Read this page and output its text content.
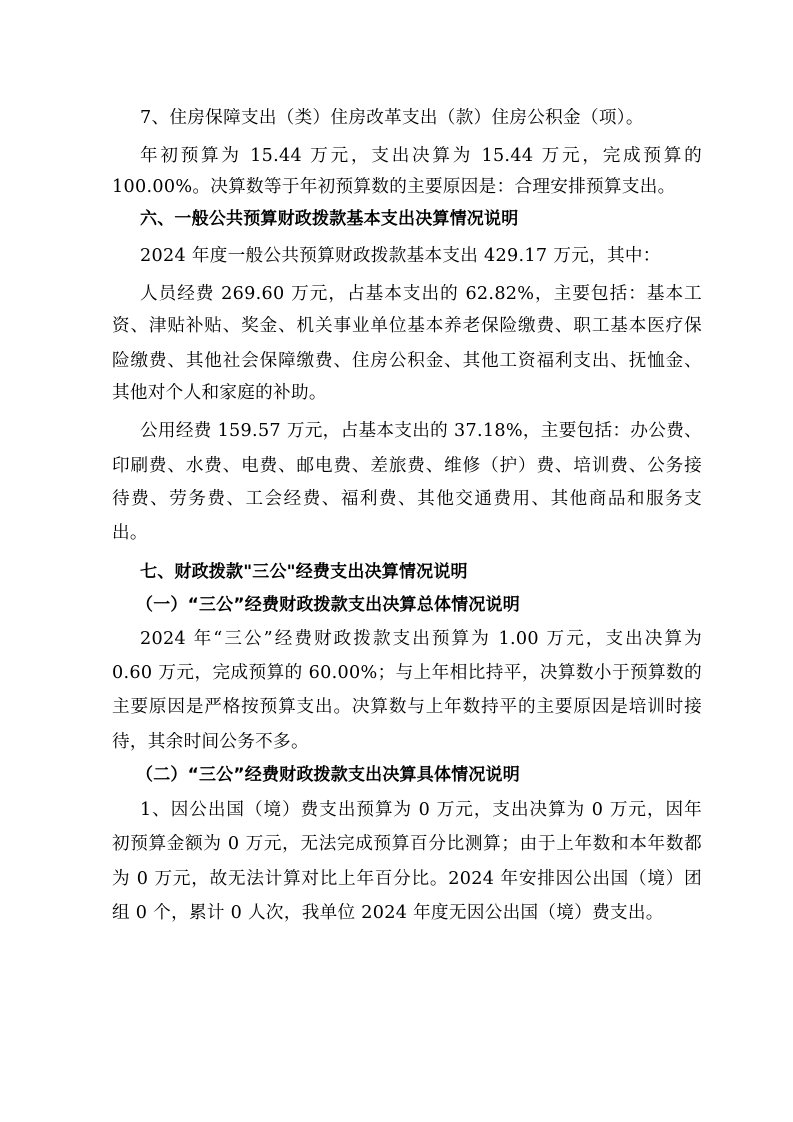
7、住房保障支出（类）住房改革支出（款）住房公积金（项）。
年初预算为 15.44 万元，支出决算为 15.44 万元，完成预算的
100.00%。决算数等于年初预算数的主要原因是：合理安排预算支出。
六、一般公共预算财政拨款基本支出决算情况说明
2024 年度一般公共预算财政拨款基本支出 429.17 万元，其中：
人员经费 269.60 万元，占基本支出的 62.82%，主要包括：基本工
资、津贴补贴、奖金、机关事业单位基本养老保险缴费、职工基本医疗保
险缴费、其他社会保障缴费、住房公积金、其他工资福利支出、抚恤金、
其他对个人和家庭的补助。
公用经费 159.57 万元，占基本支出的 37.18%，主要包括：办公费、
印刷费、水费、电费、邮电费、差旅费、维修（护）费、培训费、公务接
待费、劳务费、工会经费、福利费、其他交通费用、其他商品和服务支
出。
七、财政拨款"三公"经费支出决算情况说明
（一）“三公”经费财政拨款支出决算总体情况说明
2024 年“三公”经费财政拨款支出预算为 1.00 万元，支出决算为
0.60 万元，完成预算的 60.00%；与上年相比持平，决算数小于预算数的
主要原因是严格按预算支出。决算数与上年数持平的主要原因是培训时接
待，其余时间公务不多。
（二）“三公”经费财政拨款支出决算具体情况说明
1、因公出国（境）费支出预算为 0 万元，支出决算为 0 万元，因年
初预算金额为 0 万元，无法完成预算百分比测算；由于上年数和本年数都
为 0 万元，故无法计算对比上年百分比。2024 年安排因公出国（境）团
组 0 个，累计 0 人次，我单位 2024 年度无因公出国（境）费支出。
